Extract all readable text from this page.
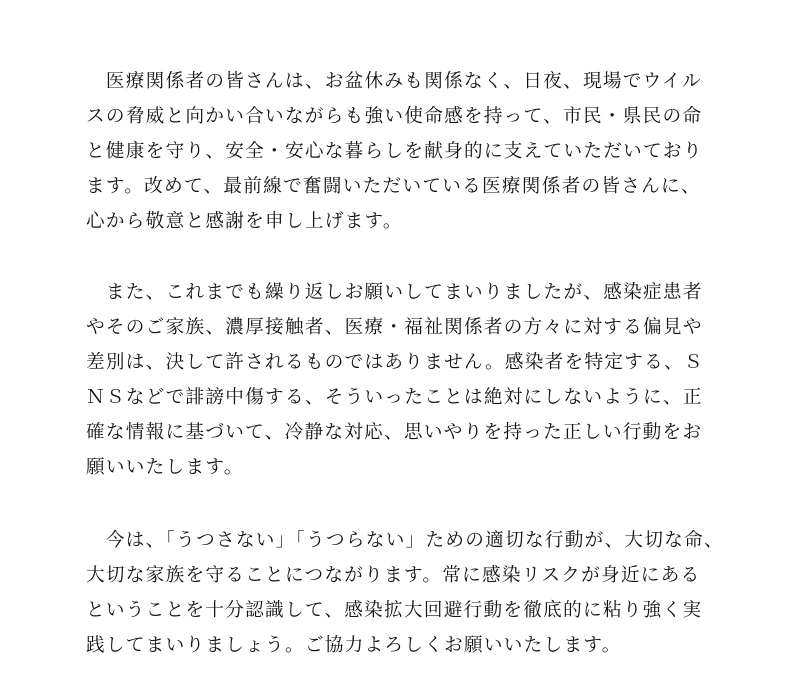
　医療関係者の皆さんは、お盆休みも関係なく、日夜、現場でウイル
スの脅威と向かい合いながらも強い使命感を持って、市民・県民の命
と健康を守り、安全・安心な暮らしを献身的に支えていただいており
ます。改めて、最前線で奮闘いただいている医療関係者の皆さんに、
心から敬意と感謝を申し上げます。

　また、これまでも繰り返しお願いしてまいりましたが、感染症患者
やそのご家族、濃厚接触者、医療・福祉関係者の方々に対する偏見や
差別は、決して許されるものではありません。感染者を特定する、Ｓ
ＮＳなどで誹謗中傷する、そういったことは絶対にしないように、正
確な情報に基づいて、冷静な対応、思いやりを持った正しい行動をお
願いいたします。

　今は、「うつさない」「うつらない」ための適切な行動が、大切な命、
大切な家族を守ることにつながります。常に感染リスクが身近にある
ということを十分認識して、感染拡大回避行動を徹底的に粘り強く実
践してまいりましょう。ご協力よろしくお願いいたします。
